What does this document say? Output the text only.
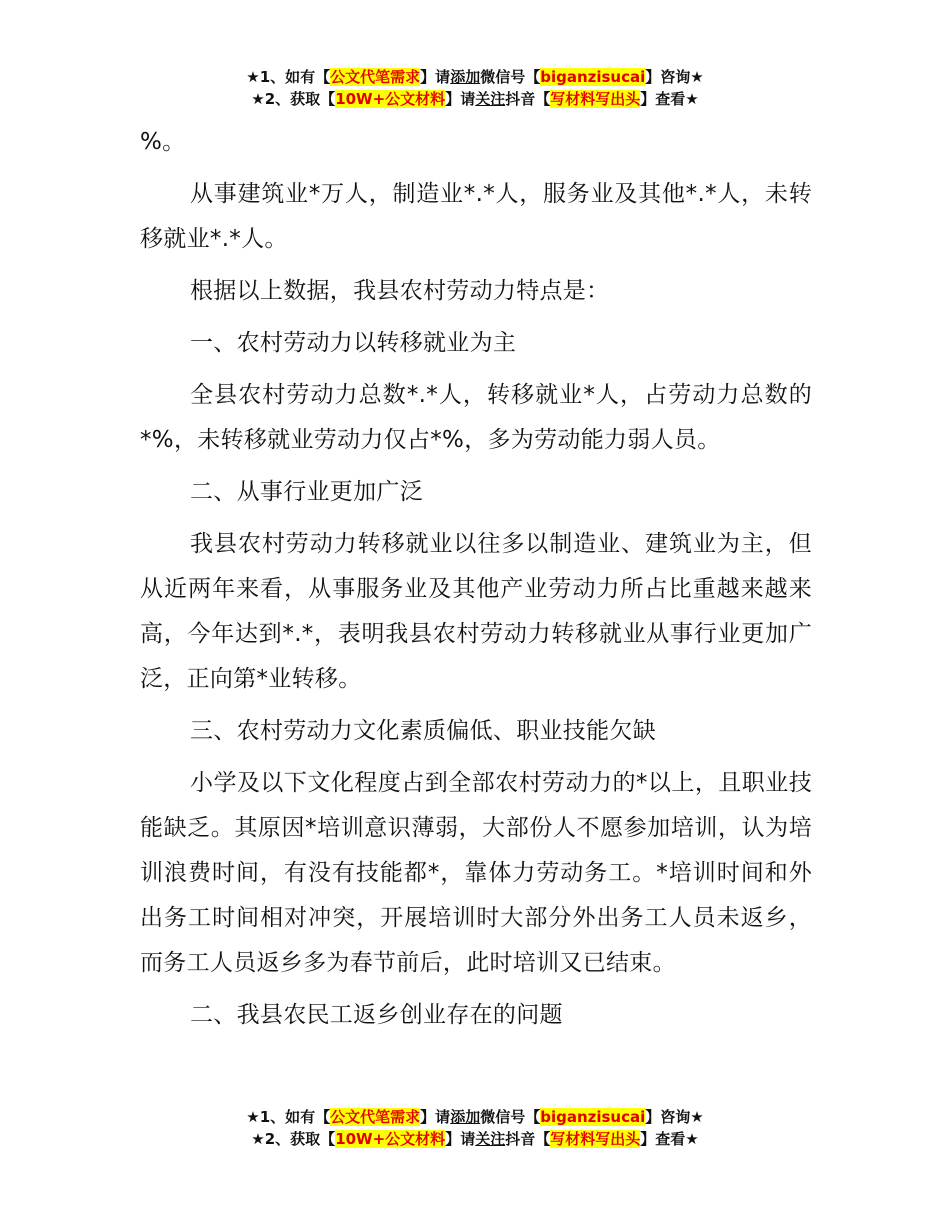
★1、如有【公文代笔需求】请添加微信号【biganzisucai】咨询★
★2、获取【10W+公文材料】请关注抖音【写材料写出头】查看★

%。

从事建筑业*万人，制造业*.*人，服务业及其他*.*人，未转移就业*.*人。

根据以上数据，我县农村劳动力特点是：

一、农村劳动力以转移就业为主

全县农村劳动力总数*.*人，转移就业*人，占劳动力总数的*%，未转移就业劳动力仅占*%，多为劳动能力弱人员。

二、从事行业更加广泛

我县农村劳动力转移就业以往多以制造业、建筑业为主，但从近两年来看，从事服务业及其他产业劳动力所占比重越来越来高，今年达到*.*，表明我县农村劳动力转移就业从事行业更加广泛，正向第*业转移。

三、农村劳动力文化素质偏低、职业技能欠缺

小学及以下文化程度占到全部农村劳动力的*以上，且职业技能缺乏。其原因*培训意识薄弱，大部份人不愿参加培训，认为培训浪费时间，有没有技能都*，靠体力劳动务工。*培训时间和外出务工时间相对冲突，开展培训时大部分外出务工人员未返乡，而务工人员返乡多为春节前后，此时培训又已结束。

二、我县农民工返乡创业存在的问题

★1、如有【公文代笔需求】请添加微信号【biganzisucai】咨询★
★2、获取【10W+公文材料】请关注抖音【写材料写出头】查看★
